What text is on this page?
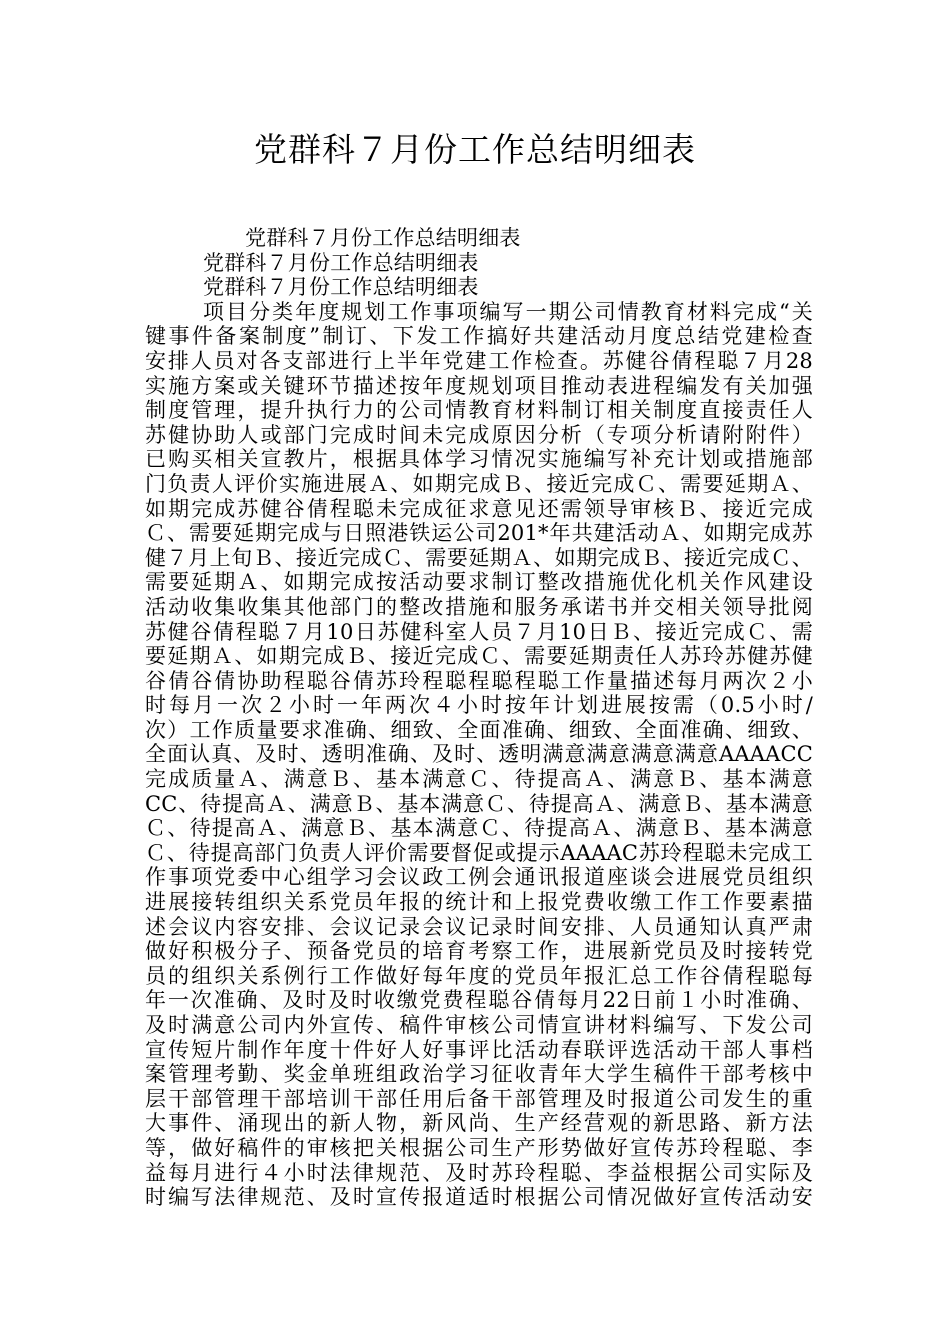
党群科７月份工作总结明细表
党群科７月份工作总结明细表
党群科７月份工作总结明细表
党群科７月份工作总结明细表
项目分类年度规划工作事项编写一期公司情教育材料完成“关
键事件备案制度”制订、下发工作搞好共建活动月度总结党建检查
安排人员对各支部进行上半年党建工作检查。苏健谷倩程聪７月28
实施方案或关键环节描述按年度规划项目推动表进程编发有关加强
制度管理，提升执行力的公司情教育材料制订相关制度直接责任人
苏健协助人或部门完成时间未完成原因分析（专项分析请附附件）
已购买相关宣教片，根据具体学习情况实施编写补充计划或措施部
门负责人评价实施进展Ａ、如期完成Ｂ、接近完成Ｃ、需要延期Ａ、
如期完成苏健谷倩程聪未完成征求意见还需领导审核Ｂ、接近完成
Ｃ、需要延期完成与日照港铁运公司201*年共建活动Ａ、如期完成苏
健７月上旬Ｂ、接近完成Ｃ、需要延期Ａ、如期完成Ｂ、接近完成Ｃ、
需要延期Ａ、如期完成按活动要求制订整改措施优化机关作风建设
活动收集收集其他部门的整改措施和服务承诺书并交相关领导批阅
苏健谷倩程聪７月10日苏健科室人员７月10日Ｂ、接近完成Ｃ、需
要延期Ａ、如期完成Ｂ、接近完成Ｃ、需要延期责任人苏玲苏健苏健
谷倩谷倩协助程聪谷倩苏玲程聪程聪程聪工作量描述每月两次２小
时每月一次２小时一年两次４小时按年计划进展按需（0.5小时/
次）工作质量要求准确、细致、全面准确、细致、全面准确、细致、
全面认真、及时、透明准确、及时、透明满意满意满意满意AAAACC
完成质量Ａ、满意Ｂ、基本满意Ｃ、待提高Ａ、满意Ｂ、基本满意
CC、待提高Ａ、满意Ｂ、基本满意Ｃ、待提高Ａ、满意Ｂ、基本满意
Ｃ、待提高Ａ、满意Ｂ、基本满意Ｃ、待提高Ａ、满意Ｂ、基本满意
Ｃ、待提高部门负责人评价需要督促或提示AAAAC苏玲程聪未完成工
作事项党委中心组学习会议政工例会通讯报道座谈会进展党员组织
进展接转组织关系党员年报的统计和上报党费收缴工作工作要素描
述会议内容安排、会议记录会议记录时间安排、人员通知认真严肃
做好积极分子、预备党员的培育考察工作，进展新党员及时接转党
员的组织关系例行工作做好每年度的党员年报汇总工作谷倩程聪每
年一次准确、及时及时收缴党费程聪谷倩每月22日前１小时准确、
及时满意公司内外宣传、稿件审核公司情宣讲材料编写、下发公司
宣传短片制作年度十件好人好事评比活动春联评选活动干部人事档
案管理考勤、奖金单班组政治学习征收青年大学生稿件干部考核中
层干部管理干部培训干部任用后备干部管理及时报道公司发生的重
大事件、涌现出的新人物，新风尚、生产经营观的新思路、新方法
等，做好稿件的审核把关根据公司生产形势做好宣传苏玲程聪、李
益每月进行４小时法律规范、及时苏玲程聪、李益根据公司实际及
时编写法律规范、及时宣传报道适时根据公司情况做好宣传活动安
